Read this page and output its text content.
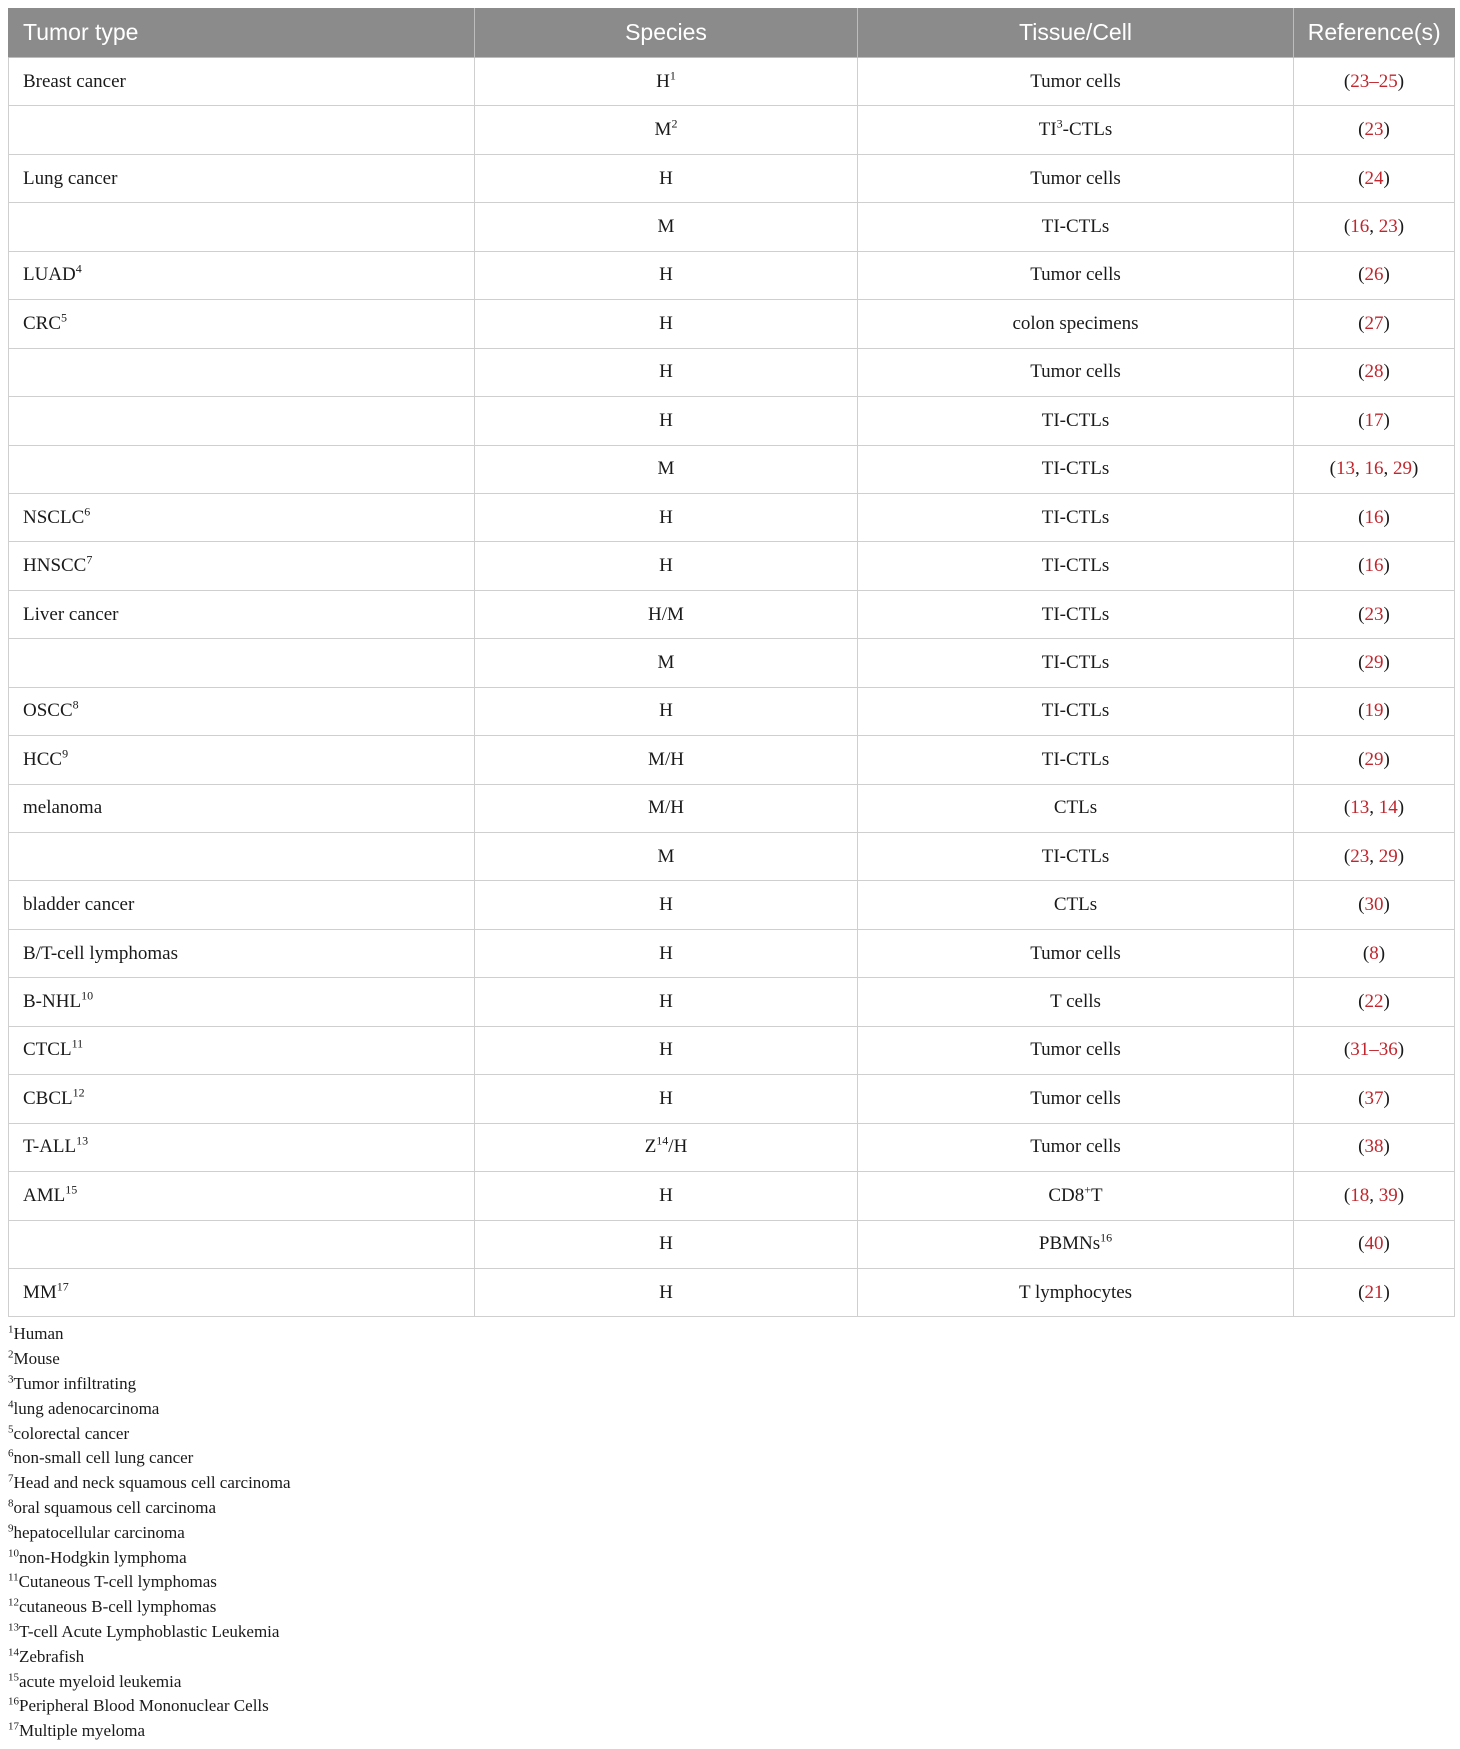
Tumor type	Species	Tissue/Cell	Reference(s)
Breast cancer	$H^1$	Tumor cells	(23–25)
	$M^2$	$TI^3$-CTLs	(23)
Lung cancer	H	Tumor cells	(24)
	M	TI-CTLs	(16, 23)
LUAD$^4$	H	Tumor cells	(26)
CRC$^5$	H	colon specimens	(27)
	H	Tumor cells	(28)
	H	TI-CTLs	(17)
	M	TI-CTLs	(13, 16, 29)
NSCLC$^6$	H	TI-CTLs	(16)
HNSCC$^7$	H	TI-CTLs	(16)
Liver cancer	H/M	TI-CTLs	(23)
	M	TI-CTLs	(29)
OSCC$^8$	H	TI-CTLs	(19)
HCC$^9$	M/H	TI-CTLs	(29)
melanoma	M/H	CTLs	(13, 14)
	M	TI-CTLs	(23, 29)
bladder cancer	H	CTLs	(30)
B/T-cell lymphomas	H	Tumor cells	(8)
B-NHL$^{10}$	H	T cells	(22)
CTCL$^{11}$	H	Tumor cells	(31–36)
CBCL$^{12}$	H	Tumor cells	(37)
T-ALL$^{13}$	$Z^{14}/H$	Tumor cells	(38)
AML$^{15}$	H	CD8+T	(18, 39)
	H	PBMNs$^{16}$	(40)
MM$^{17}$	H	T lymphocytes	(21)
$^1$Human
$^2$Mouse
$^3$Tumor infiltrating
$^4$lung adenocarcinoma
$^5$colorectal cancer
$^6$non-small cell lung cancer
$^7$Head and neck squamous cell carcinoma
$^8$oral squamous cell carcinoma
$^9$hepatocellular carcinoma
$^{10}$non-Hodgkin lymphoma
$^{11}$Cutaneous T-cell lymphomas
$^{12}$cutaneous B-cell lymphomas
$^{13}$T-cell Acute Lymphoblastic Leukemia
$^{14}$Zebrafish
$^{15}$acute myeloid leukemia
$^{16}$Peripheral Blood Mononuclear Cells
$^{17}$Multiple myeloma
